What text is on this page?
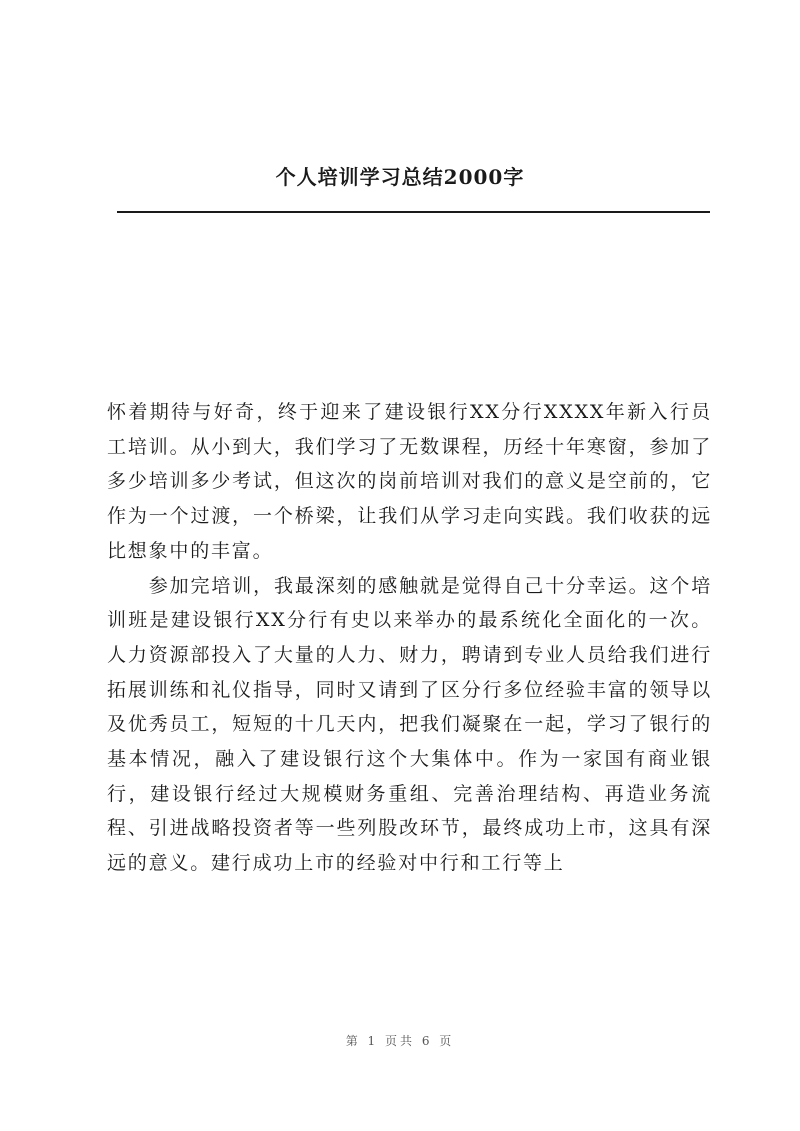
个人培训学习总结2000字

怀着期待与好奇，终于迎来了建设银行XX分行XXXX年新入行员工培训。从小到大，我们学习了无数课程，历经十年寒窗，参加了多少培训多少考试，但这次的岗前培训对我们的意义是空前的，它作为一个过渡，一个桥梁，让我们从学习走向实践。我们收获的远比想象中的丰富。

参加完培训，我最深刻的感触就是觉得自己十分幸运。这个培训班是建设银行XX分行有史以来举办的最系统化全面化的一次。人力资源部投入了大量的人力、财力，聘请到专业人员给我们进行拓展训练和礼仪指导，同时又请到了区分行多位经验丰富的领导以及优秀员工，短短的十几天内，把我们凝聚在一起，学习了银行的基本情况，融入了建设银行这个大集体中。作为一家国有商业银行，建设银行经过大规模财务重组、完善治理结构、再造业务流程、引进战略投资者等一些列股改环节，最终成功上市，这具有深远的意义。建行成功上市的经验对中行和工行等上

第 1 页共 6 页
